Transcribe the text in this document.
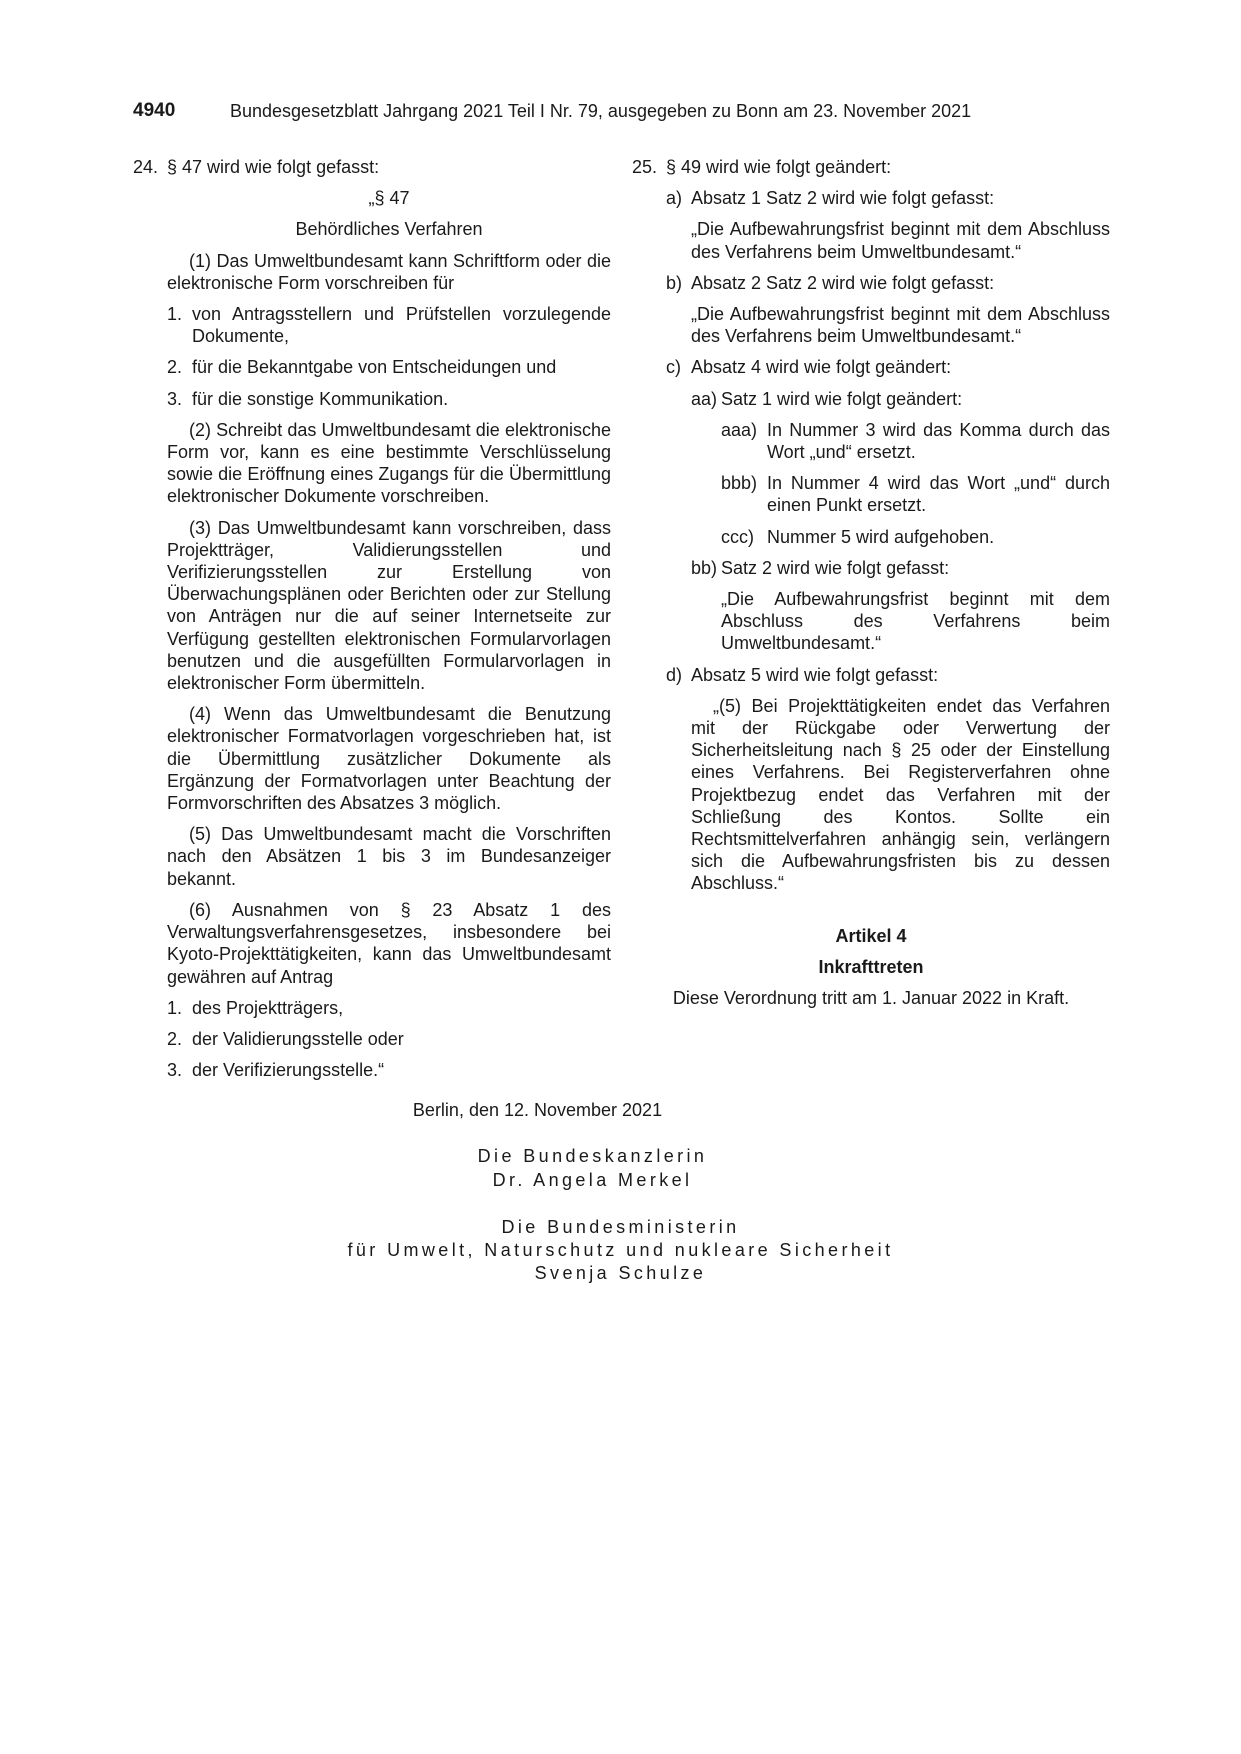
4940	Bundesgesetzblatt Jahrgang 2021 Teil I Nr. 79, ausgegeben zu Bonn am 23. November 2021
24. § 47 wird wie folgt gefasst:

„§ 47

Behördliches Verfahren

(1) Das Umweltbundesamt kann Schriftform oder die elektronische Form vorschreiben für

1. von Antragsstellern und Prüfstellen vorzulegende Dokumente,
2. für die Bekanntgabe von Entscheidungen und
3. für die sonstige Kommunikation.

(2) Schreibt das Umweltbundesamt die elektronische Form vor, kann es eine bestimmte Verschlüsselung sowie die Eröffnung eines Zugangs für die Übermittlung elektronischer Dokumente vorschreiben.

(3) Das Umweltbundesamt kann vorschreiben, dass Projektträger, Validierungsstellen und Verifizierungsstellen zur Erstellung von Überwachungsplänen oder Berichten oder zur Stellung von Anträgen nur die auf seiner Internetseite zur Verfügung gestellten elektronischen Formularvorlagen benutzen und die ausgefüllten Formularvorlagen in elektronischer Form übermitteln.

(4) Wenn das Umweltbundesamt die Benutzung elektronischer Formatvorlagen vorgeschrieben hat, ist die Übermittlung zusätzlicher Dokumente als Ergänzung der Formatvorlagen unter Beachtung der Formvorschriften des Absatzes 3 möglich.

(5) Das Umweltbundesamt macht die Vorschriften nach den Absätzen 1 bis 3 im Bundesanzeiger bekannt.

(6) Ausnahmen von § 23 Absatz 1 des Verwaltungsverfahrensgesetzes, insbesondere bei Kyoto-Projekttätigkeiten, kann das Umweltbundesamt gewähren auf Antrag

1. des Projektträgers,
2. der Validierungsstelle oder
3. der Verifizierungsstelle.“
25. § 49 wird wie folgt geändert:
a) Absatz 1 Satz 2 wird wie folgt gefasst:

„Die Aufbewahrungsfrist beginnt mit dem Abschluss des Verfahrens beim Umweltbundesamt.“

b) Absatz 2 Satz 2 wird wie folgt gefasst:

„Die Aufbewahrungsfrist beginnt mit dem Abschluss des Verfahrens beim Umweltbundesamt.“

c) Absatz 4 wird wie folgt geändert:
aa) Satz 1 wird wie folgt geändert:
aaa) In Nummer 3 wird das Komma durch das Wort „und“ ersetzt.
bbb) In Nummer 4 wird das Wort „und“ durch einen Punkt ersetzt.
ccc) Nummer 5 wird aufgehoben.
bb) Satz 2 wird wie folgt gefasst:

„Die Aufbewahrungsfrist beginnt mit dem Abschluss des Verfahrens beim Umweltbundesamt.“

d) Absatz 5 wird wie folgt gefasst:

„(5) Bei Projekttätigkeiten endet das Verfahren mit der Rückgabe oder Verwertung der Sicherheitsleitung nach § 25 oder der Einstellung eines Verfahrens. Bei Registerverfahren ohne Projektbezug endet das Verfahren mit der Schließung des Kontos. Sollte ein Rechtsmittelverfahren anhängig sein, verlängern sich die Aufbewahrungsfristen bis zu dessen Abschluss.“

Artikel 4

Inkrafttreten

Diese Verordnung tritt am 1. Januar 2022 in Kraft.

Berlin, den 12. November 2021
Die Bundeskanzlerin
Dr. Angela Merkel
Die Bundesministerin
für Umwelt, Naturschutz und nukleare Sicherheit
Svenja Schulze
